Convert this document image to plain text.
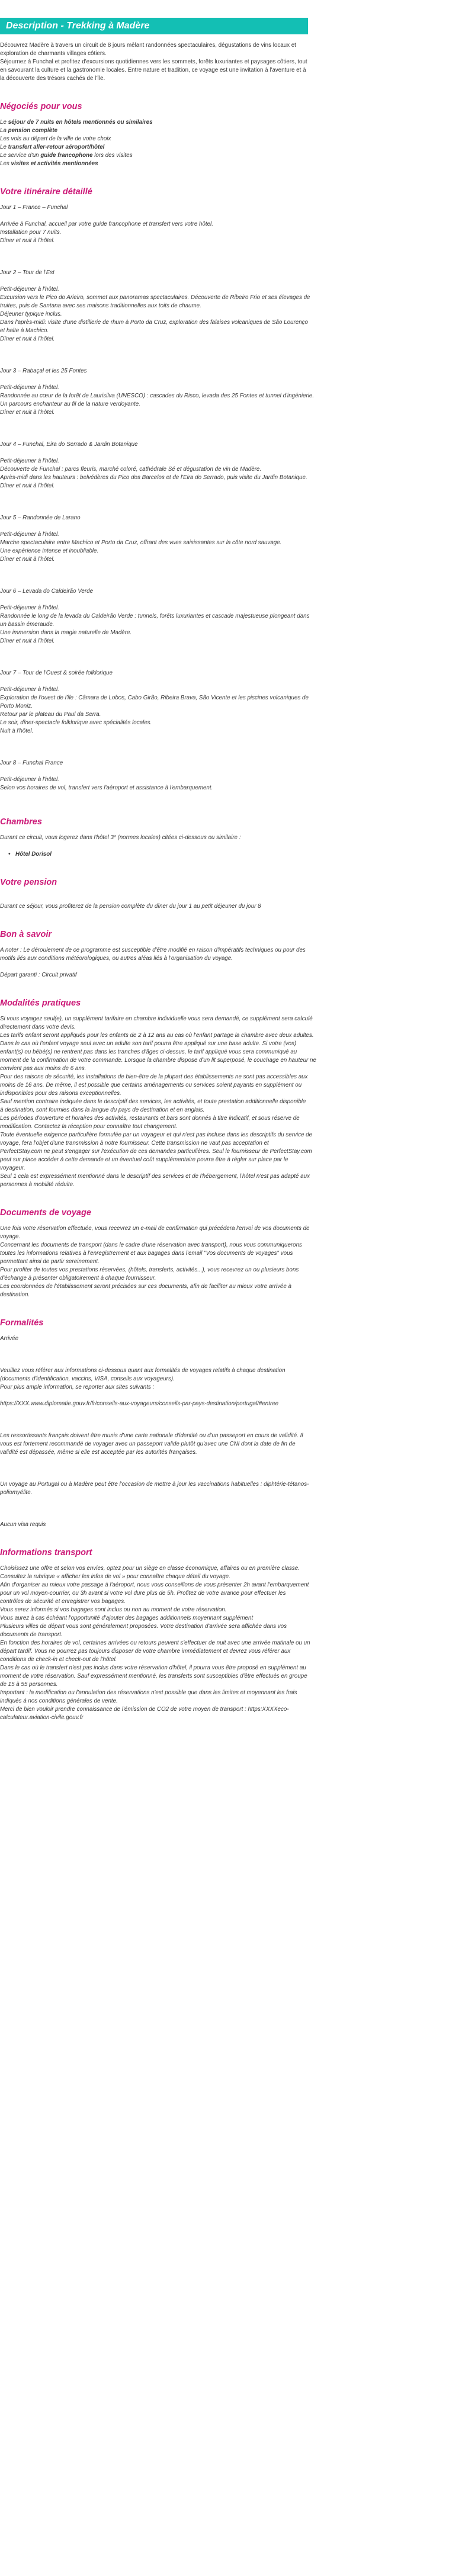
Description - Trekking à Madère
Découvrez Madère à travers un circuit de 8 jours mêlant randonnées spectaculaires, dégustations de vins locaux et
exploration de charmants villages côtiers.
Séjournez à Funchal et profitez d'excursions quotidiennes vers les sommets, forêts luxuriantes et paysages côtiers, tout
en savourant la culture et la gastronomie locales. Entre nature et tradition, ce voyage est une invitation à l'aventure et à
la découverte des trésors cachés de l'île.
Négociés pour vous
Le séjour de 7 nuits en hôtels mentionnés ou similaires
La pension complète
Les vols au départ de la ville de votre choix
Le transfert aller-retour aéroport/hôtel
Le service d'un guide francophone lors des visites
Les visites et activités mentionnées
Votre itinéraire détaillé
Jour 1 – France – Funchal
Arrivée à Funchal, accueil par votre guide francophone et transfert vers votre hôtel.
Installation pour 7 nuits.
Dîner et nuit à l'hôtel.
Jour 2 – Tour de l'Est
Petit-déjeuner à l'hôtel.
Excursion vers le Pico do Arieiro, sommet aux panoramas spectaculaires. Découverte de Ribeiro Frio et ses élevages de
truites, puis de Santana avec ses maisons traditionnelles aux toits de chaume.
Déjeuner typique inclus.
Dans l'après-midi: visite d'une distillerie de rhum à Porto da Cruz, exploration des falaises volcaniques de São Lourenço
et halte à Machico.
Dîner et nuit à l'hôtel.
Jour 3 – Rabaçal et les 25 Fontes
Petit-déjeuner à l'hôtel.
Randonnée au cœur de la forêt de Laurisilva (UNESCO) : cascades du Risco, levada des 25 Fontes et tunnel d'ingénierie.
Un parcours enchanteur au fil de la nature verdoyante.
Dîner et nuit à l'hôtel.
Jour 4 – Funchal, Eira do Serrado & Jardin Botanique
Petit-déjeuner à l'hôtel.
Découverte de Funchal : parcs fleuris, marché coloré, cathédrale Sé et dégustation de vin de Madère.
Après-midi dans les hauteurs : belvédères du Pico dos Barcelos et de l'Eira do Serrado, puis visite du Jardin Botanique.
Dîner et nuit à l'hôtel.
Jour 5 – Randonnée de Larano
Petit-déjeuner à l'hôtel.
Marche spectaculaire entre Machico et Porto da Cruz, offrant des vues saisissantes sur la côte nord sauvage.
Une expérience intense et inoubliable.
Dîner et nuit à l'hôtel.
Jour 6 – Levada do Caldeirão Verde
Petit-déjeuner à l'hôtel.
Randonnée le long de la levada du Caldeirão Verde : tunnels, forêts luxuriantes et cascade majestueuse plongeant dans
un bassin émeraude.
Une immersion dans la magie naturelle de Madère.
Dîner et nuit à l'hôtel.
Jour 7 – Tour de l'Ouest & soirée folklorique
Petit-déjeuner à l'hôtel.
Exploration de l'ouest de l'île : Câmara de Lobos, Cabo Girão, Ribeira Brava, São Vicente et les piscines volcaniques de
Porto Moniz.
Retour par le plateau du Paul da Serra.
Le soir, dîner-spectacle folklorique avec spécialités locales.
Nuit à l'hôtel.
Jour 8 – Funchal France
Petit-déjeuner à l'hôtel.
Selon vos horaires de vol, transfert vers l'aéroport et assistance à l'embarquement.
Chambres
Durant ce circuit, vous logerez dans l'hôtel 3* (normes locales) citées ci-dessous ou similaire :
• Hôtel Dorisol
Votre pension
Durant ce séjour, vous profiterez de la pension complète du dîner du jour 1 au petit déjeuner du jour 8
Bon à savoir
A noter : Le déroulement de ce programme est susceptible d'être modifié en raison d'impératifs techniques ou pour des
motifs liés aux conditions météorologiques, ou autres aléas liés à l'organisation du voyage.
Départ garanti : Circuit privatif
Modalités pratiques
Si vous voyagez seul(e), un supplément tarifaire en chambre individuelle vous sera demandé, ce supplément sera calculé
directement dans votre devis.
Les tarifs enfant seront appliqués pour les enfants de 2 à 12 ans au cas où l'enfant partage la chambre avec deux adultes.
Dans le cas où l'enfant voyage seul avec un adulte son tarif pourra être appliqué sur une base adulte. Si votre (vos)
enfant(s) ou bébé(s) ne rentrent pas dans les tranches d'âges ci-dessus, le tarif appliqué vous sera communiqué au
moment de la confirmation de votre commande. Lorsque la chambre dispose d'un lit superposé, le couchage en hauteur ne
convient pas aux moins de 6 ans.
Pour des raisons de sécurité, les installations de bien-être de la plupart des établissements ne sont pas accessibles aux
moins de 16 ans. De même, il est possible que certains aménagements ou services soient payants en supplément ou
indisponibles pour des raisons exceptionnelles.
Sauf mention contraire indiquée dans le descriptif des services, les activités, et toute prestation additionnelle disponible
à destination, sont fournies dans la langue du pays de destination et en anglais.
Les périodes d'ouverture et horaires des activités, restaurants et bars sont donnés à titre indicatif, et sous réserve de
modification. Contactez la réception pour connaître tout changement.
Toute éventuelle exigence particulière formulée par un voyageur et qui n'est pas incluse dans les descriptifs du service de
voyage, fera l'objet d'une transmission à notre fournisseur. Cette transmission ne vaut pas acceptation et
PerfectStay.com ne peut s'engager sur l'exécution de ces demandes particulières. Seul le fournisseur de PerfectStay.com
peut sur place accéder à cette demande et un éventuel coût supplémentaire pourra être à régler sur place par le
voyageur.
Seul 1 cela est expressément mentionné dans le descriptif des services et de l'hébergement, l'hôtel n'est pas adapté aux
personnes à mobilité réduite.
Documents de voyage
Une fois votre réservation effectuée, vous recevrez un e-mail de confirmation qui précédera l'envoi de vos documents de
voyage.
Concernant les documents de transport (dans le cadre d'une réservation avec transport), nous vous communiquerons
toutes les informations relatives à l'enregistrement et aux bagages dans l'email "Vos documents de voyages" vous
permettant ainsi de partir sereinement.
Pour profiter de toutes vos prestations réservées, (hôtels, transferts, activités...), vous recevrez un ou plusieurs bons
d'échange à présenter obligatoirement à chaque fournisseur.
Les coordonnées de l'établissement seront précisées sur ces documents, afin de faciliter au mieux votre arrivée à
destination.
Formalités
Arrivée
Veuillez vous référer aux informations ci-dessous quant aux formalités de voyages relatifs à chaque destination
(documents d'identification, vaccins, VISA, conseils aux voyageurs).
Pour plus ample information, se reporter aux sites suivants :
https://XXX.www.diplomatie.gouv.fr/fr/conseils-aux-voyageurs/conseils-par-pays-destination/portugal/#entree
Les ressortissants français doivent être munis d'une carte nationale d'identité ou d'un passeport en cours de validité. Il
vous est fortement recommandé de voyager avec un passeport valide plutôt qu'avec une CNI dont la date de fin de
validité est dépassée, même si elle est acceptée par les autorités françaises.
Un voyage au Portugal ou à Madère peut être l'occasion de mettre à jour les vaccinations habituelles : diphtérie-tétanos-
poliomyélite.
Aucun visa requis
Informations transport
Choisissez une offre et selon vos envies, optez pour un siège en classe économique, affaires ou en première classe.
Consultez la rubrique « afficher les infos de vol » pour connaître chaque détail du voyage.
Afin d'organiser au mieux votre passage à l'aéroport, nous vous conseillons de vous présenter 2h avant l'embarquement
pour un vol moyen-courrier, ou 3h avant si votre vol dure plus de 5h. Profitez de votre avance pour effectuer les
contrôles de sécurité et enregistrer vos bagages.
Vous serez informés si vos bagages sont inclus ou non au moment de votre réservation.
Vous aurez à cas échéant l'opportunité d'ajouter des bagages additionnels moyennant supplément
Plusieurs villes de départ vous sont généralement proposées. Votre destination d'arrivée sera affichée dans vos
documents de transport.
En fonction des horaires de vol, certaines arrivées ou retours peuvent s'effectuer de nuit avec une arrivée matinale ou un
départ tardif. Vous ne pourrez pas toujours disposer de votre chambre immédiatement et devrez vous référer aux
conditions de check-in et check-out de l'hôtel.
Dans le cas où le transfert n'est pas inclus dans votre réservation d'hôtel, il pourra vous être proposé en supplément au
moment de votre réservation. Sauf expressément mentionné, les transferts sont susceptibles d'être effectués en groupe
de 15 à 55 personnes.
Important : la modification ou l'annulation des réservations n'est possible que dans les limites et moyennant les frais
indiqués à nos conditions générales de vente.
Merci de bien vouloir prendre connaissance de l'émission de CO2 de votre moyen de transport : https:XXXXeco-
calculateur.aviation-civile.gouv.fr
